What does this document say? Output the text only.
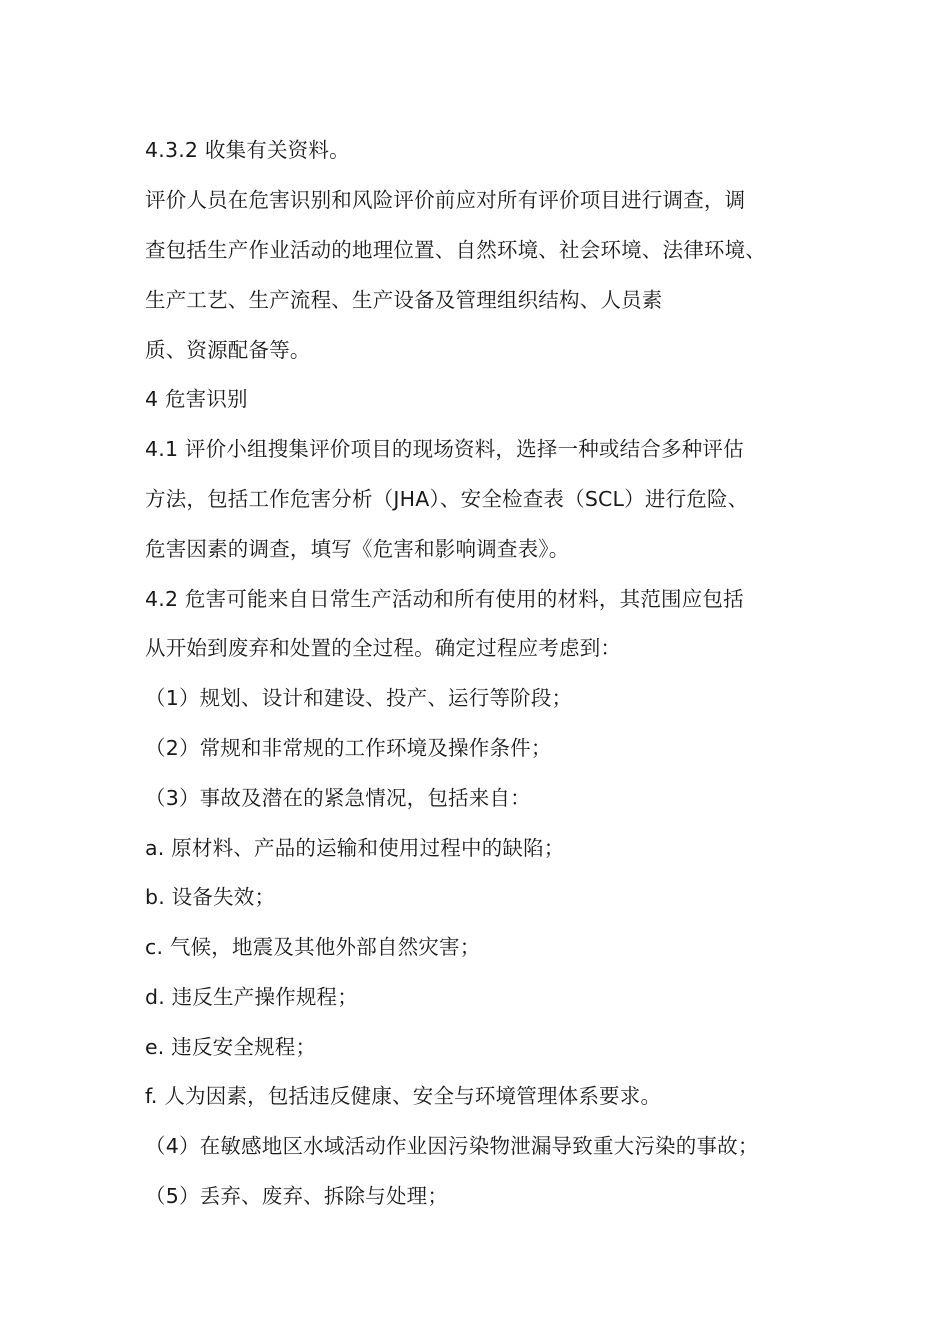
4.3.2 收集有关资料。
评价人员在危害识别和风险评价前应对所有评价项目进行调查，调
查包括生产作业活动的地理位置、自然环境、社会环境、法律环境、
生产工艺、生产流程、生产设备及管理组织结构、人员素
质、资源配备等。
4 危害识别
4.1 评价小组搜集评价项目的现场资料，选择一种或结合多种评估
方法，包括工作危害分析（JHA）、安全检查表（SCL）进行危险、
危害因素的调查，填写《危害和影响调查表》。
4.2 危害可能来自日常生产活动和所有使用的材料，其范围应包括
从开始到废弃和处置的全过程。确定过程应考虑到：
（1）规划、设计和建设、投产、运行等阶段；
（2）常规和非常规的工作环境及操作条件；
（3）事故及潜在的紧急情况，包括来自：
a. 原材料、产品的运输和使用过程中的缺陷；
b. 设备失效；
c. 气候，地震及其他外部自然灾害；
d. 违反生产操作规程；
e. 违反安全规程；
f. 人为因素，包括违反健康、安全与环境管理体系要求。
（4）在敏感地区水域活动作业因污染物泄漏导致重大污染的事故；
（5）丢弃、废弃、拆除与处理；
